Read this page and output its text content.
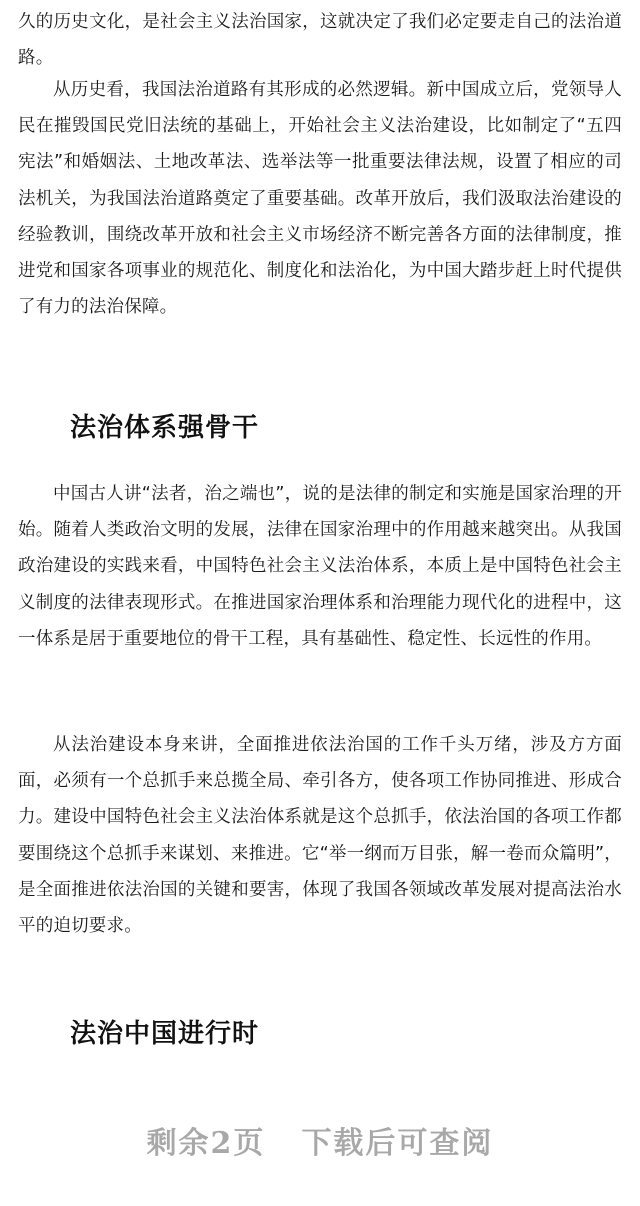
久的历史文化，是社会主义法治国家，这就决定了我们必定要走自己的法治道路。

从历史看，我国法治道路有其形成的必然逻辑。新中国成立后，党领导人民在摧毁国民党旧法统的基础上，开始社会主义法治建设，比如制定了“五四宪法”和婚姻法、土地改革法、选举法等一批重要法律法规，设置了相应的司法机关，为我国法治道路奠定了重要基础。改革开放后，我们汲取法治建设的经验教训，围绕改革开放和社会主义市场经济不断完善各方面的法律制度，推进党和国家各项事业的规范化、制度化和法治化，为中国大踏步赶上时代提供了有力的法治保障。

法治体系强骨干

中国古人讲“法者，治之端也”，说的是法律的制定和实施是国家治理的开始。随着人类政治文明的发展，法律在国家治理中的作用越来越突出。从我国政治建设的实践来看，中国特色社会主义法治体系，本质上是中国特色社会主义制度的法律表现形式。在推进国家治理体系和治理能力现代化的进程中，这一体系是居于重要地位的骨干工程，具有基础性、稳定性、长远性的作用。

从法治建设本身来讲，全面推进依法治国的工作千头万绪，涉及方方面面，必须有一个总抓手来总揽全局、牵引各方，使各项工作协同推进、形成合力。建设中国特色社会主义法治体系就是这个总抓手，依法治国的各项工作都要围绕这个总抓手来谋划、来推进。它“举一纲而万目张，解一卷而众篇明”，是全面推进依法治国的关键和要害，体现了我国各领域改革发展对提高法治水平的迫切要求。

法治中国进行时
剩余2页 下载后可查阅
